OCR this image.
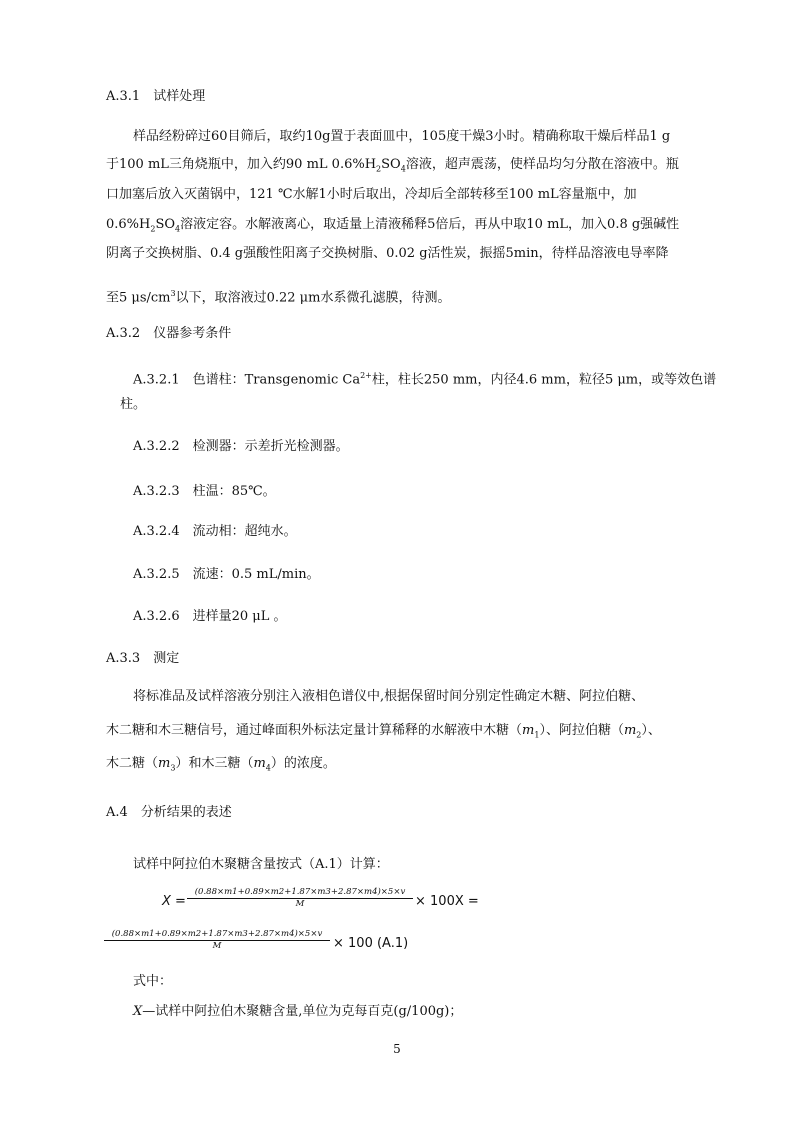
A.3.1　试样处理
样品经粉碎过60目筛后，取约10g置于表面皿中，105度干燥3小时。精确称取干燥后样品1 g
于100 mL三角烧瓶中，加入约90 mL $0.6\%H_2SO_4$溶液，超声震荡，使样品均匀分散在溶液中。瓶
口加塞后放入灭菌锅中，121 ℃水解1小时后取出，冷却后全部转移至100 mL容量瓶中，加
$0.6\%H_2SO_4$溶液定容。水解液离心，取适量上清液稀释5倍后，再从中取10 mL，加入0.8 g强碱性
阴离子交换树脂、0.4 g强酸性阳离子交换树脂、0.02 g活性炭，振摇5min，待样品溶液电导率降
至5 $\mu s/cm^3$以下，取溶液过0.22 μm水系微孔滤膜，待测。
A.3.2　仪器参考条件
A.3.2.1　色谱柱：Transgenomic $Ca^{2+}$柱，柱长250 mm，内径4.6 mm，粒径5 μm，或等效色谱
柱。
A.3.2.2　检测器：示差折光检测器。
A.3.2.3　柱温：85℃。
A.3.2.4　流动相：超纯水。
A.3.2.5　流速：0.5 mL/min。
A.3.2.6　进样量20 μL 。
A.3.3　测定
将标准品及试样溶液分别注入液相色谱仪中,根据保留时间分别定性确定木糖、阿拉伯糖、
木二糖和木三糖信号，通过峰面积外标法定量计算稀释的水解液中木糖$(m_1)$、阿拉伯糖$(m_2)$、
木二糖$(m_3)$和木三糖$(m_4)$的浓度。
A.4　分析结果的表述
试样中阿拉伯木聚糖含量按式（A.1）计算：
$X = \frac{(0.88\times m1+0.89\times m2+1.87\times m3+2.87\times m4)\times 5\times v}{M} \times 100X$ =
$\frac{(0.88\times m1+0.89\times m2+1.87\times m3+2.87\times m4)\times 5\times v}{M} \times 100$ (A.1)
式中：
X—试样中阿拉伯木聚糖含量,单位为克每百克(g/100g)；
5
